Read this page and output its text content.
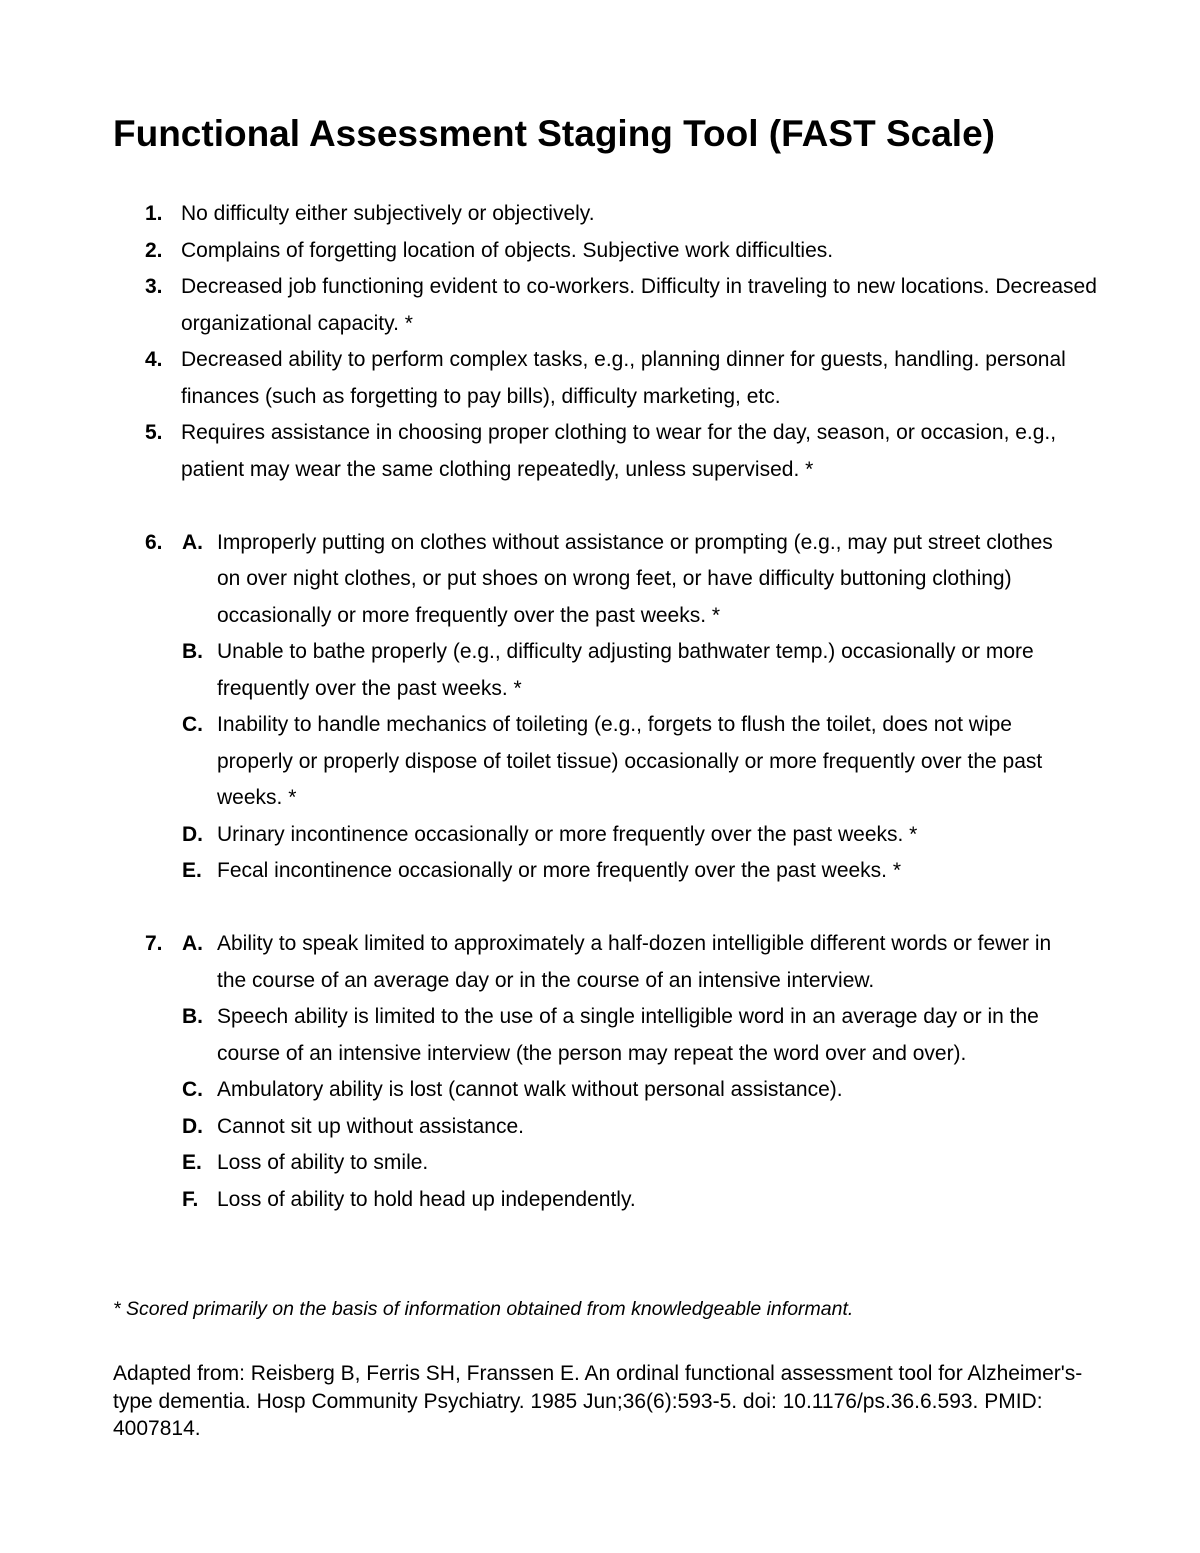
Functional Assessment Staging Tool (FAST Scale)
1. No difficulty either subjectively or objectively.
2. Complains of forgetting location of objects. Subjective work difficulties.
3. Decreased job functioning evident to co-workers. Difficulty in traveling to new locations. Decreased organizational capacity. *
4. Decreased ability to perform complex tasks, e.g., planning dinner for guests, handling. personal finances (such as forgetting to pay bills), difficulty marketing, etc.
5. Requires assistance in choosing proper clothing to wear for the day, season, or occasion, e.g., patient may wear the same clothing repeatedly, unless supervised. *
6. A. Improperly putting on clothes without assistance or prompting (e.g., may put street clothes on over night clothes, or put shoes on wrong feet, or have difficulty buttoning clothing) occasionally or more frequently over the past weeks. *
B. Unable to bathe properly (e.g., difficulty adjusting bathwater temp.) occasionally or more frequently over the past weeks. *
C. Inability to handle mechanics of toileting (e.g., forgets to flush the toilet, does not wipe properly or properly dispose of toilet tissue) occasionally or more frequently over the past weeks. *
D. Urinary incontinence occasionally or more frequently over the past weeks. *
E. Fecal incontinence occasionally or more frequently over the past weeks. *
7. A. Ability to speak limited to approximately a half-dozen intelligible different words or fewer in the course of an average day or in the course of an intensive interview.
B. Speech ability is limited to the use of a single intelligible word in an average day or in the course of an intensive interview (the person may repeat the word over and over).
C. Ambulatory ability is lost (cannot walk without personal assistance).
D. Cannot sit up without assistance.
E. Loss of ability to smile.
F. Loss of ability to hold head up independently.

* Scored primarily on the basis of information obtained from knowledgeable informant.

Adapted from: Reisberg B, Ferris SH, Franssen E. An ordinal functional assessment tool for Alzheimer's-type dementia. Hosp Community Psychiatry. 1985 Jun;36(6):593-5. doi: 10.1176/ps.36.6.593. PMID: 4007814.
